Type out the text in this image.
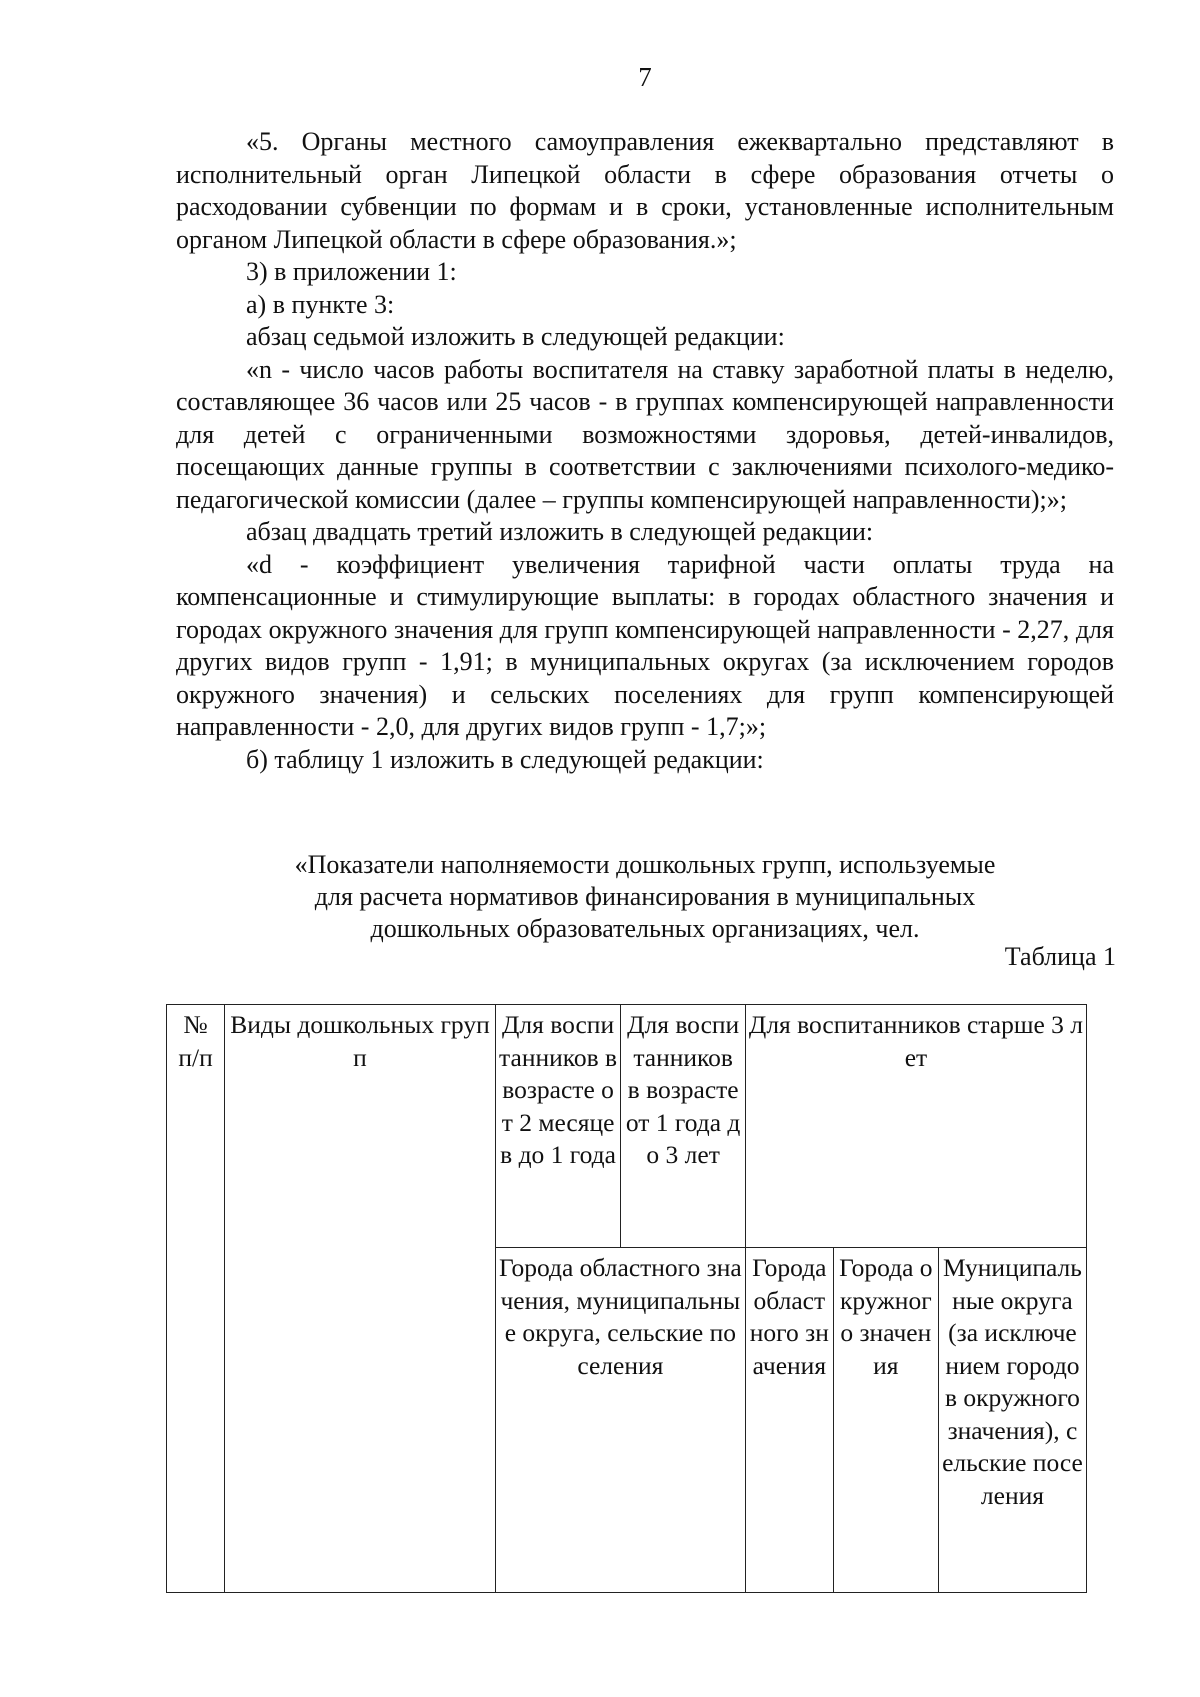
7

«5. Органы местного самоуправления ежеквартально представляют в исполнительный орган Липецкой области в сфере образования отчеты о расходовании субвенции по формам и в сроки, установленные исполнительным органом Липецкой области в сфере образования.»;

3) в приложении 1:

а) в пункте 3:

абзац седьмой изложить в следующей редакции:

«n - число часов работы воспитателя на ставку заработной платы в неделю, составляющее 36 часов или 25 часов - в группах компенсирующей направленности для детей с ограниченными возможностями здоровья, детей-инвалидов, посещающих данные группы в соответствии с заключениями психолого-медико-педагогической комиссии (далее – группы компенсирующей направленности);»;

абзац двадцать третий изложить в следующей редакции:

«d - коэффициент увеличения тарифной части оплаты труда на компенсационные и стимулирующие выплаты: в городах областного значения и городах окружного значения для групп компенсирующей направленности - 2,27, для других видов групп - 1,91; в муниципальных округах (за исключением городов окружного значения) и сельских поселениях для групп компенсирующей направленности - 2,0, для других видов групп - 1,7;»;

б) таблицу 1 изложить в следующей редакции:

«Показатели наполняемости дошкольных групп, используемые
для расчета нормативов финансирования в муниципальных
дошкольных образовательных организациях, чел.
Таблица 1
№ п/п	Виды дошкольных групп	Для воспитанников в возрасте от 2 месяцев до 1 года	Для воспитанников в возрасте от 1 года до 3 лет	Для воспитанников старше 3 лет		
		Города областного значения, муниципальные округа, сельские поселения		Города областного значения	Города окружного значения	Муниципальные округа (за исключением городов окружного значения), сельские поселения
